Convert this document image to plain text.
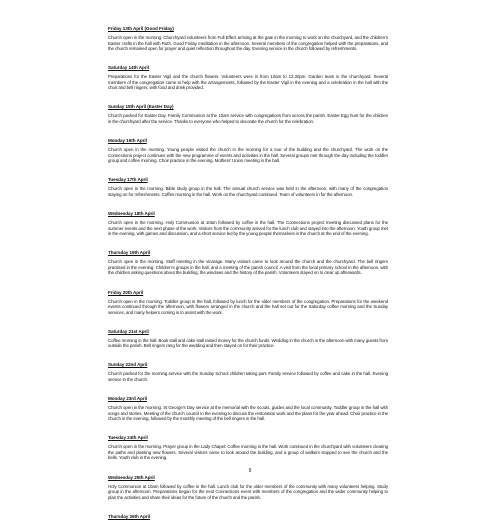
Friday 13th April (Good Friday)
Church open in the morning. Churchyard volunteers from Full Effect arriving at the gate in the morning to work on the churchyard, and the children's Easter crafts in the hall with Ruth. Good Friday meditation in the afternoon. Several members of the congregation helped with the preparations, and the church remained open for prayer and quiet reflection throughout the day. Evening service in the church followed by refreshments.
Saturday 14th April
Preparations for the Easter Vigil and the church flowers. Volunteers were in from 10am to 12.30pm. Garden team in the churchyard. Several members of the congregation came to help with the arrangements, followed by the Easter Vigil in the evening and a celebration in the hall with the choir and bell ringers, with food and drink provided.
Sunday 15th April (Easter Day)
Church packed for Easter Day. Family Communion at the 10am service with congregations from across the parish. Easter Egg hunt for the children in the churchyard after the service. Thanks to everyone who helped to decorate the church for the celebration.
Monday 16th April
Church open in the morning. Young people visited the church in the morning for a tour of the building and the churchyard. The work on the Connections project continues with the new programme of events and activities in the hall. Several groups met through the day including the toddler group and coffee morning. Choir practice in the evening. Mothers' Union meeting in the hall.
Tuesday 17th April
Church open in the morning. Bible study group in the hall. The annual church service was held in the afternoon, with many of the congregation staying on for refreshments. Coffee morning in the hall. Work on the churchyard continued. Team of volunteers in for the afternoon.
Wednesday 18th April
Church open in the morning. Holy Communion at 10am followed by coffee in the hall. The Connections project meeting discussed plans for the summer events and the next phase of the work. Visitors from the community arrived for the lunch club and stayed into the afternoon. Youth group met in the evening, with games and discussion, and a short service led by the young people themselves in the church at the end of the evening.
Thursday 19th April
Church open in the morning. Staff meeting in the vicarage. Many visitors came to look around the church and the churchyard. The bell ringers practised in the evening. Children's groups in the hall, and a meeting of the parish council. A visit from the local primary school in the afternoon, with the children asking questions about the building, the windows and the history of the parish. Volunteers stayed on to clear up afterwards.
Friday 20th April
Church open in the morning. Toddler group in the hall, followed by lunch for the older members of the congregation. Preparations for the weekend events continued through the afternoon, with flowers arranged in the church and the hall set out for the Saturday coffee morning and the Sunday services, and many helpers coming in to assist with the work.
Saturday 21st April
Coffee morning in the hall. Book stall and cake stall raised money for the church funds. Wedding in the church in the afternoon with many guests from outside the parish. Bell ringers rang for the wedding and then stayed on for their practice.
Sunday 22nd April
Church packed for the morning service with the Sunday School children taking part. Family service followed by coffee and cake in the hall. Evening service in the church.
Monday 23rd April
Church open in the morning. St George's Day service at the memorial with the scouts, guides and the local community. Toddler group in the hall with songs and stories. Meeting of the church council in the evening to discuss the restoration work and the plans for the year ahead. Choir practice in the church in the evening, followed by the monthly meeting of the bell ringers in the hall.
Tuesday 24th April
Church open in the morning. Prayer group in the Lady Chapel. Coffee morning in the hall. Work continued in the churchyard with volunteers clearing the paths and planting new flowers. Several visitors came to look around the building, and a group of walkers stopped to see the church and the bells. Youth club in the evening.
Wednesday 25th April
Holy Communion at 10am followed by coffee in the hall. Lunch club for the older members of the community with many volunteers helping. Study group in the afternoon. Preparations began for the next Connections event with members of the congregation and the wider community helping to plan the activities and share their ideas for the future of the church and the parish.
Thursday 26th April
9
